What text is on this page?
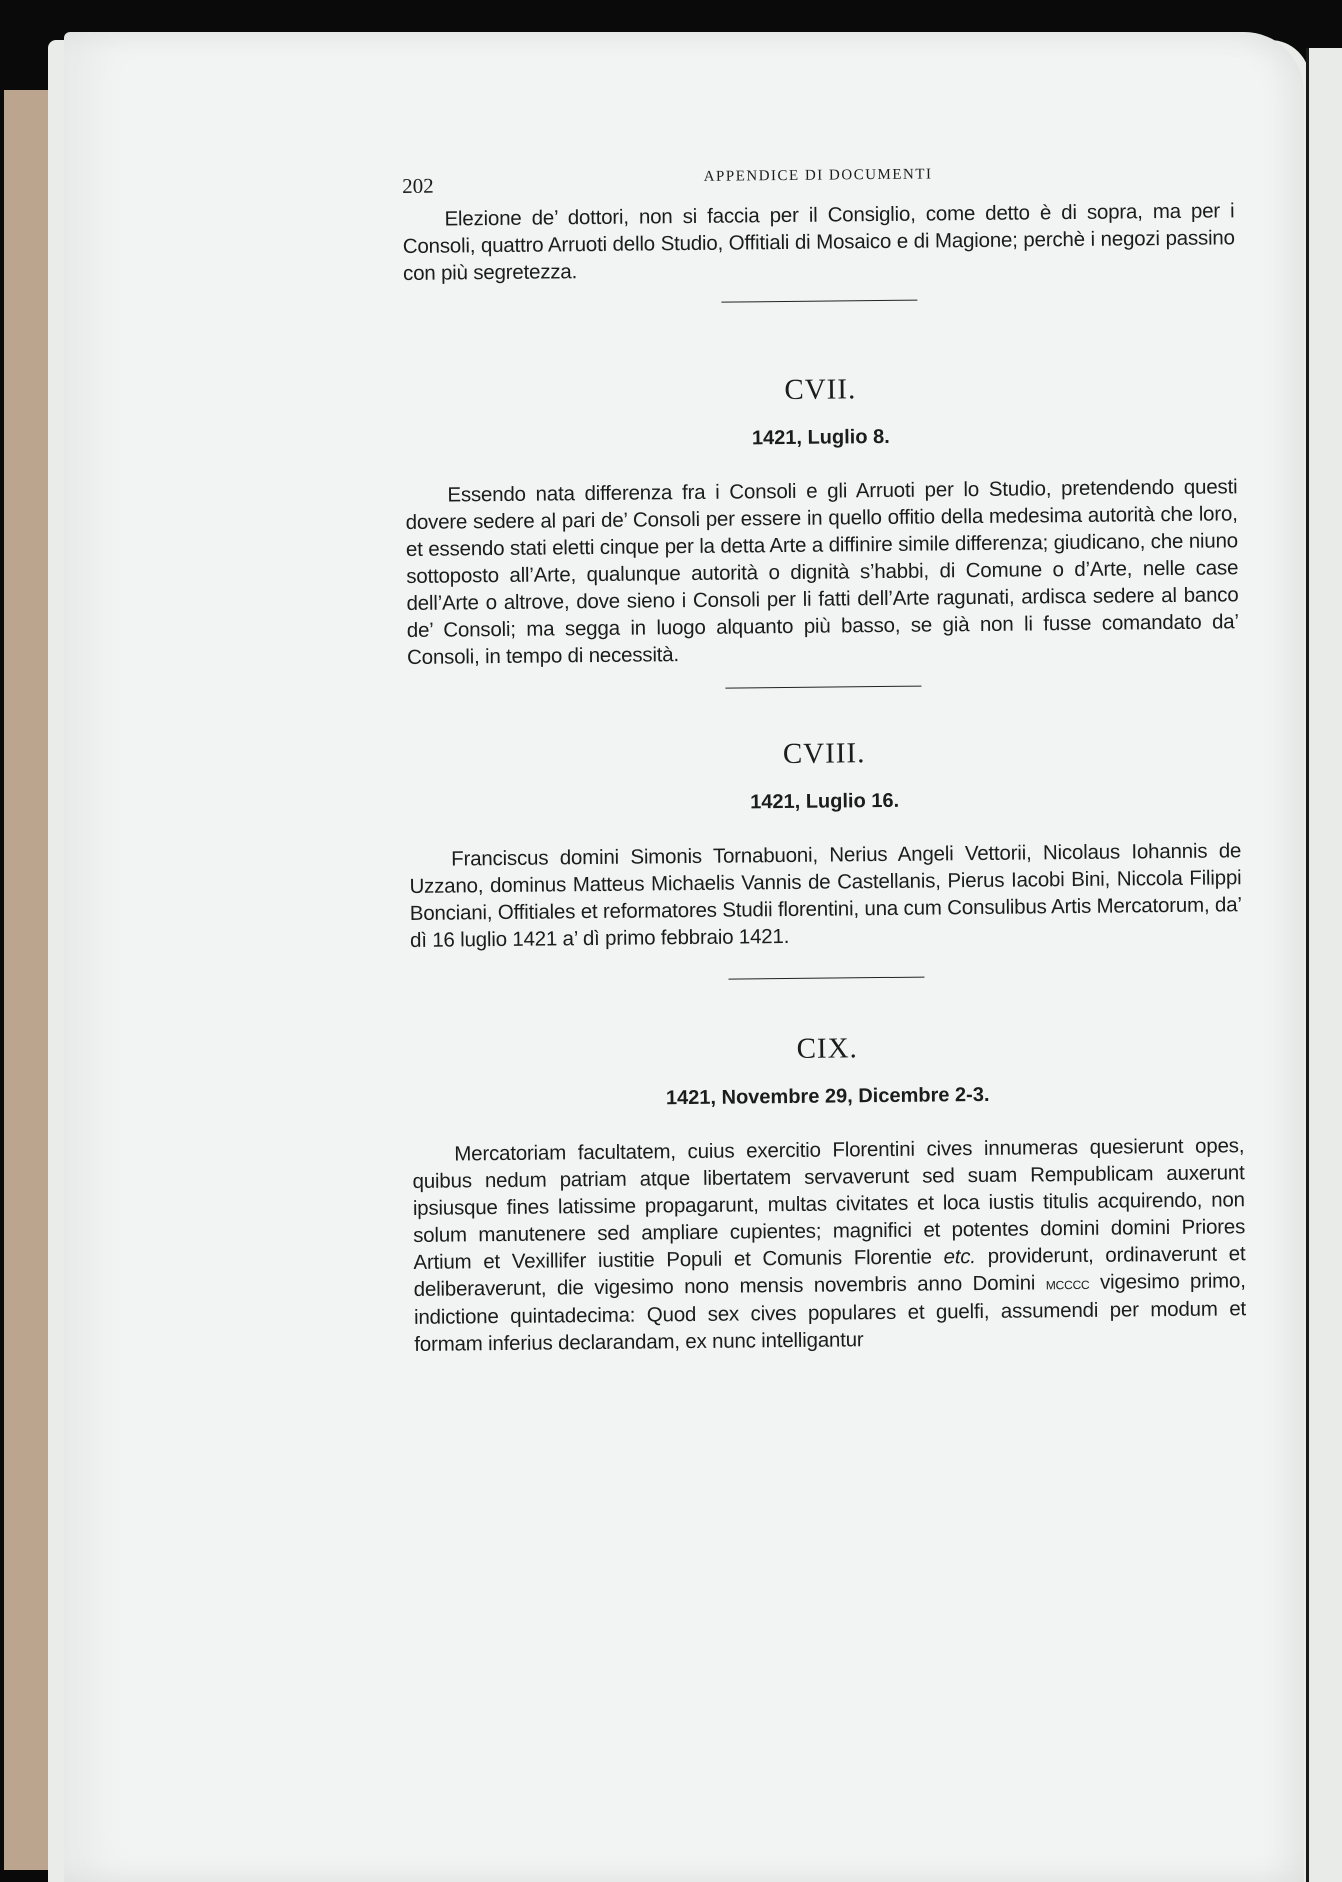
202	APPENDICE DI DOCUMENTI

Elezione de’ dottori, non si faccia per il Consiglio, come detto è di sopra, ma per i Consoli, quattro Arruoti dello Studio, Offitiali di Mosaico e di Magione; perchè i negozi passino con più segretezza.

CVII.
1421, Luglio 8.

Essendo nata differenza fra i Consoli e gli Arruoti per lo Studio, pretendendo questi dovere sedere al pari de’ Consoli per essere in quello offitio della medesima autorità che loro, et essendo stati eletti cinque per la detta Arte a diffinire simile differenza; giudicano, che niuno sottoposto all’Arte, qualunque autorità o dignità s’habbi, di Comune o d’Arte, nelle case dell’Arte o altrove, dove sieno i Consoli per li fatti dell’Arte ragunati, ardisca sedere al banco de’ Consoli; ma segga in luogo alquanto più basso, se già non li fusse comandato da’ Consoli, in tempo di necessità.

CVIII.
1421, Luglio 16.

Franciscus domini Simonis Tornabuoni, Nerius Angeli Vettorii, Nicolaus Iohannis de Uzzano, dominus Matteus Michaelis Vannis de Castellanis, Pierus Iacobi Bini, Niccola Filippi Bonciani, Offitiales et reformatores Studii florentini, una cum Consulibus Artis Mercatorum, da’ dì 16 luglio 1421 a’ dì primo febbraio 1421.

CIX.
1421, Novembre 29, Dicembre 2-3.

Mercatoriam facultatem, cuius exercitio Florentini cives innumeras quesierunt opes, quibus nedum patriam atque libertatem servaverunt sed suam Rempublicam auxerunt ipsiusque fines latissime propagarunt, multas civitates et loca iustis titulis acquirendo, non solum manutenere sed ampliare cupientes; magnifici et potentes domini domini Priores Artium et Vexillifer iustitie Populi et Comunis Florentie etc. providerunt, ordinaverunt et deliberaverunt, die vigesimo nono mensis novembris anno Domini mcccc vigesimo primo, indictione quintadecima: Quod sex cives populares et guelfi, assumendi per modum et formam inferius declarandam, ex nunc intelligantur
